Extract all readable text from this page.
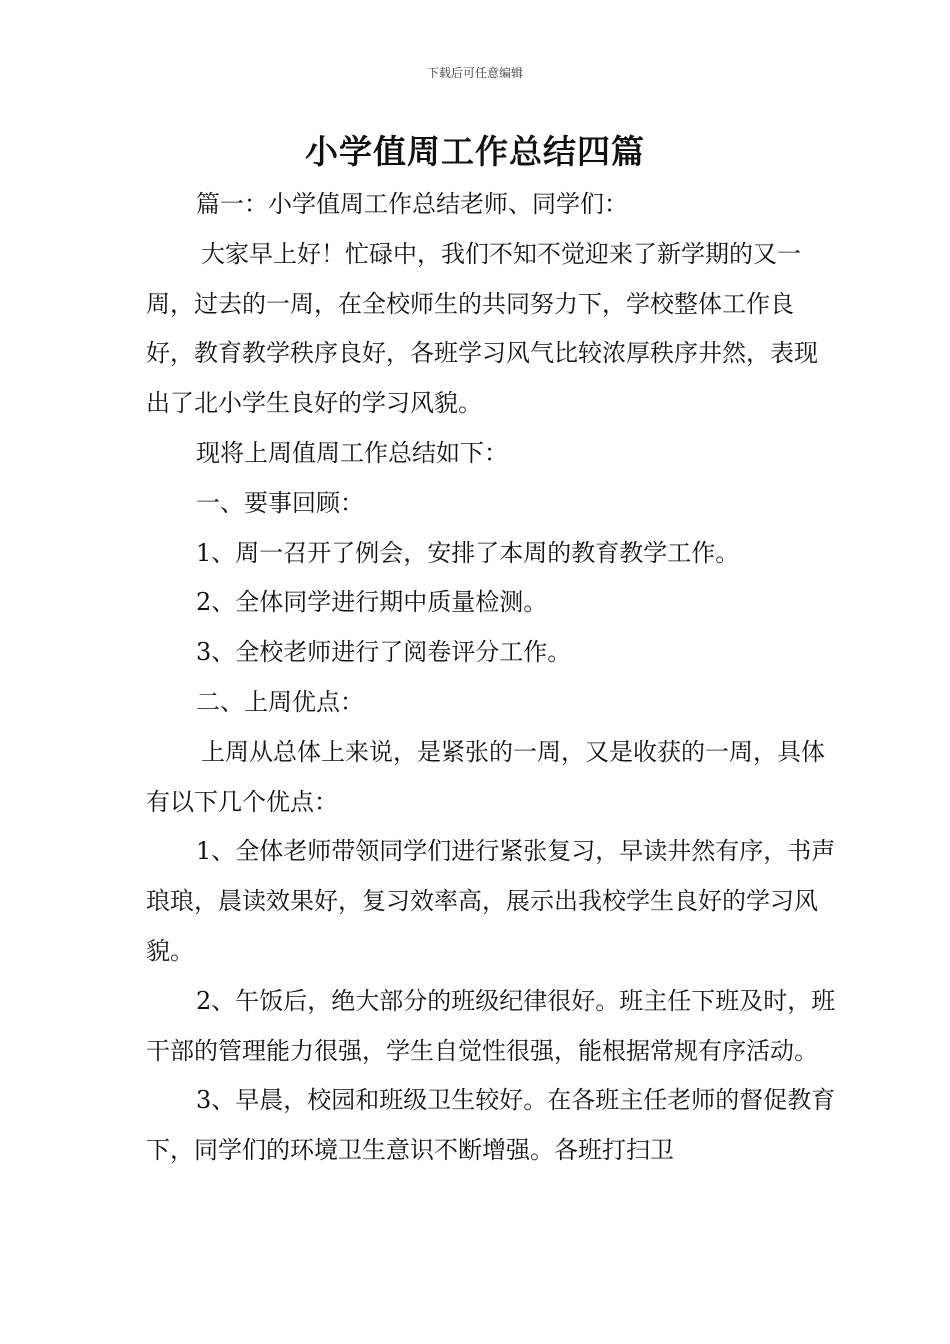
下载后可任意编辑
小学值周工作总结四篇

篇一：小学值周工作总结老师、同学们：

大家早上好！忙碌中，我们不知不觉迎来了新学期的又一周，过去的一周，在全校师生的共同努力下，学校整体工作良好，教育教学秩序良好，各班学习风气比较浓厚秩序井然，表现出了北小学生良好的学习风貌。

现将上周值周工作总结如下：

一、要事回顾：

1、周一召开了例会，安排了本周的教育教学工作。

2、全体同学进行期中质量检测。

3、全校老师进行了阅卷评分工作。

二、上周优点：

上周从总体上来说，是紧张的一周，又是收获的一周，具体有以下几个优点：

1、全体老师带领同学们进行紧张复习，早读井然有序，书声琅琅，晨读效果好，复习效率高，展示出我校学生良好的学习风貌。

2、午饭后，绝大部分的班级纪律很好。班主任下班及时，班干部的管理能力很强，学生自觉性很强，能根据常规有序活动。

3、早晨，校园和班级卫生较好。在各班主任老师的督促教育下，同学们的环境卫生意识不断增强。各班打扫卫
